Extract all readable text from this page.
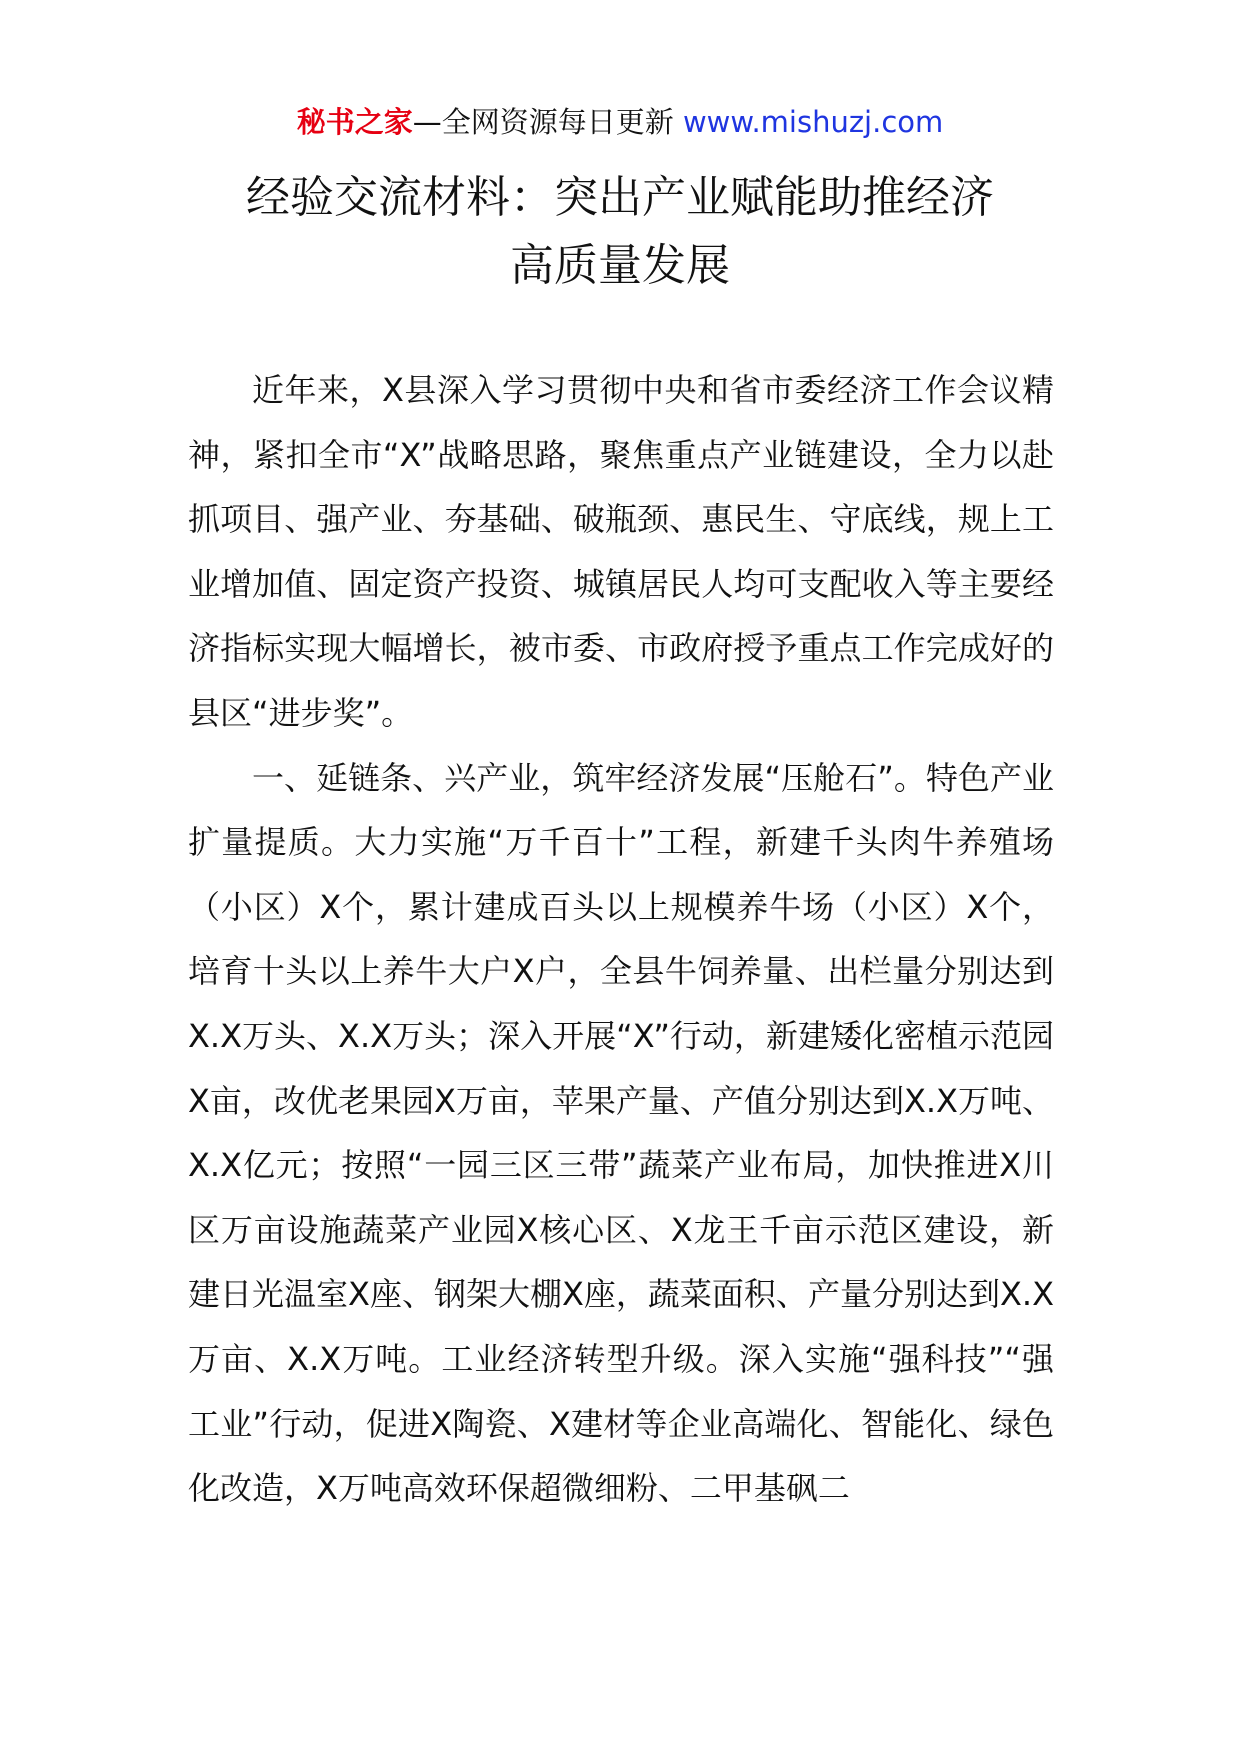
秘书之家—全网资源每日更新 www.mishuzj.com
经验交流材料：突出产业赋能助推经济
高质量发展

近年来，X县深入学习贯彻中央和省市委经济工作会议精神，紧扣全市“X”战略思路，聚焦重点产业链建设，全力以赴抓项目、强产业、夯基础、破瓶颈、惠民生、守底线，规上工业增加值、固定资产投资、城镇居民人均可支配收入等主要经济指标实现大幅增长，被市委、市政府授予重点工作完成好的县区“进步奖”。

一、延链条、兴产业，筑牢经济发展“压舱石”。特色产业扩量提质。大力实施“万千百十”工程，新建千头肉牛养殖场（小区）X个，累计建成百头以上规模养牛场（小区）X个，培育十头以上养牛大户X户，全县牛饲养量、出栏量分别达到X.X万头、X.X万头；深入开展“X”行动，新建矮化密植示范园X亩，改优老果园X万亩，苹果产量、产值分别达到X.X万吨、X.X亿元；按照“一园三区三带”蔬菜产业布局，加快推进X川区万亩设施蔬菜产业园X核心区、X龙王千亩示范区建设，新建日光温室X座、钢架大棚X座，蔬菜面积、产量分别达到X.X万亩、X.X万吨。工业经济转型升级。深入实施“强科技”“强工业”行动，促进X陶瓷、X建材等企业高端化、智能化、绿色化改造，X万吨高效环保超微细粉、二甲基砜二
